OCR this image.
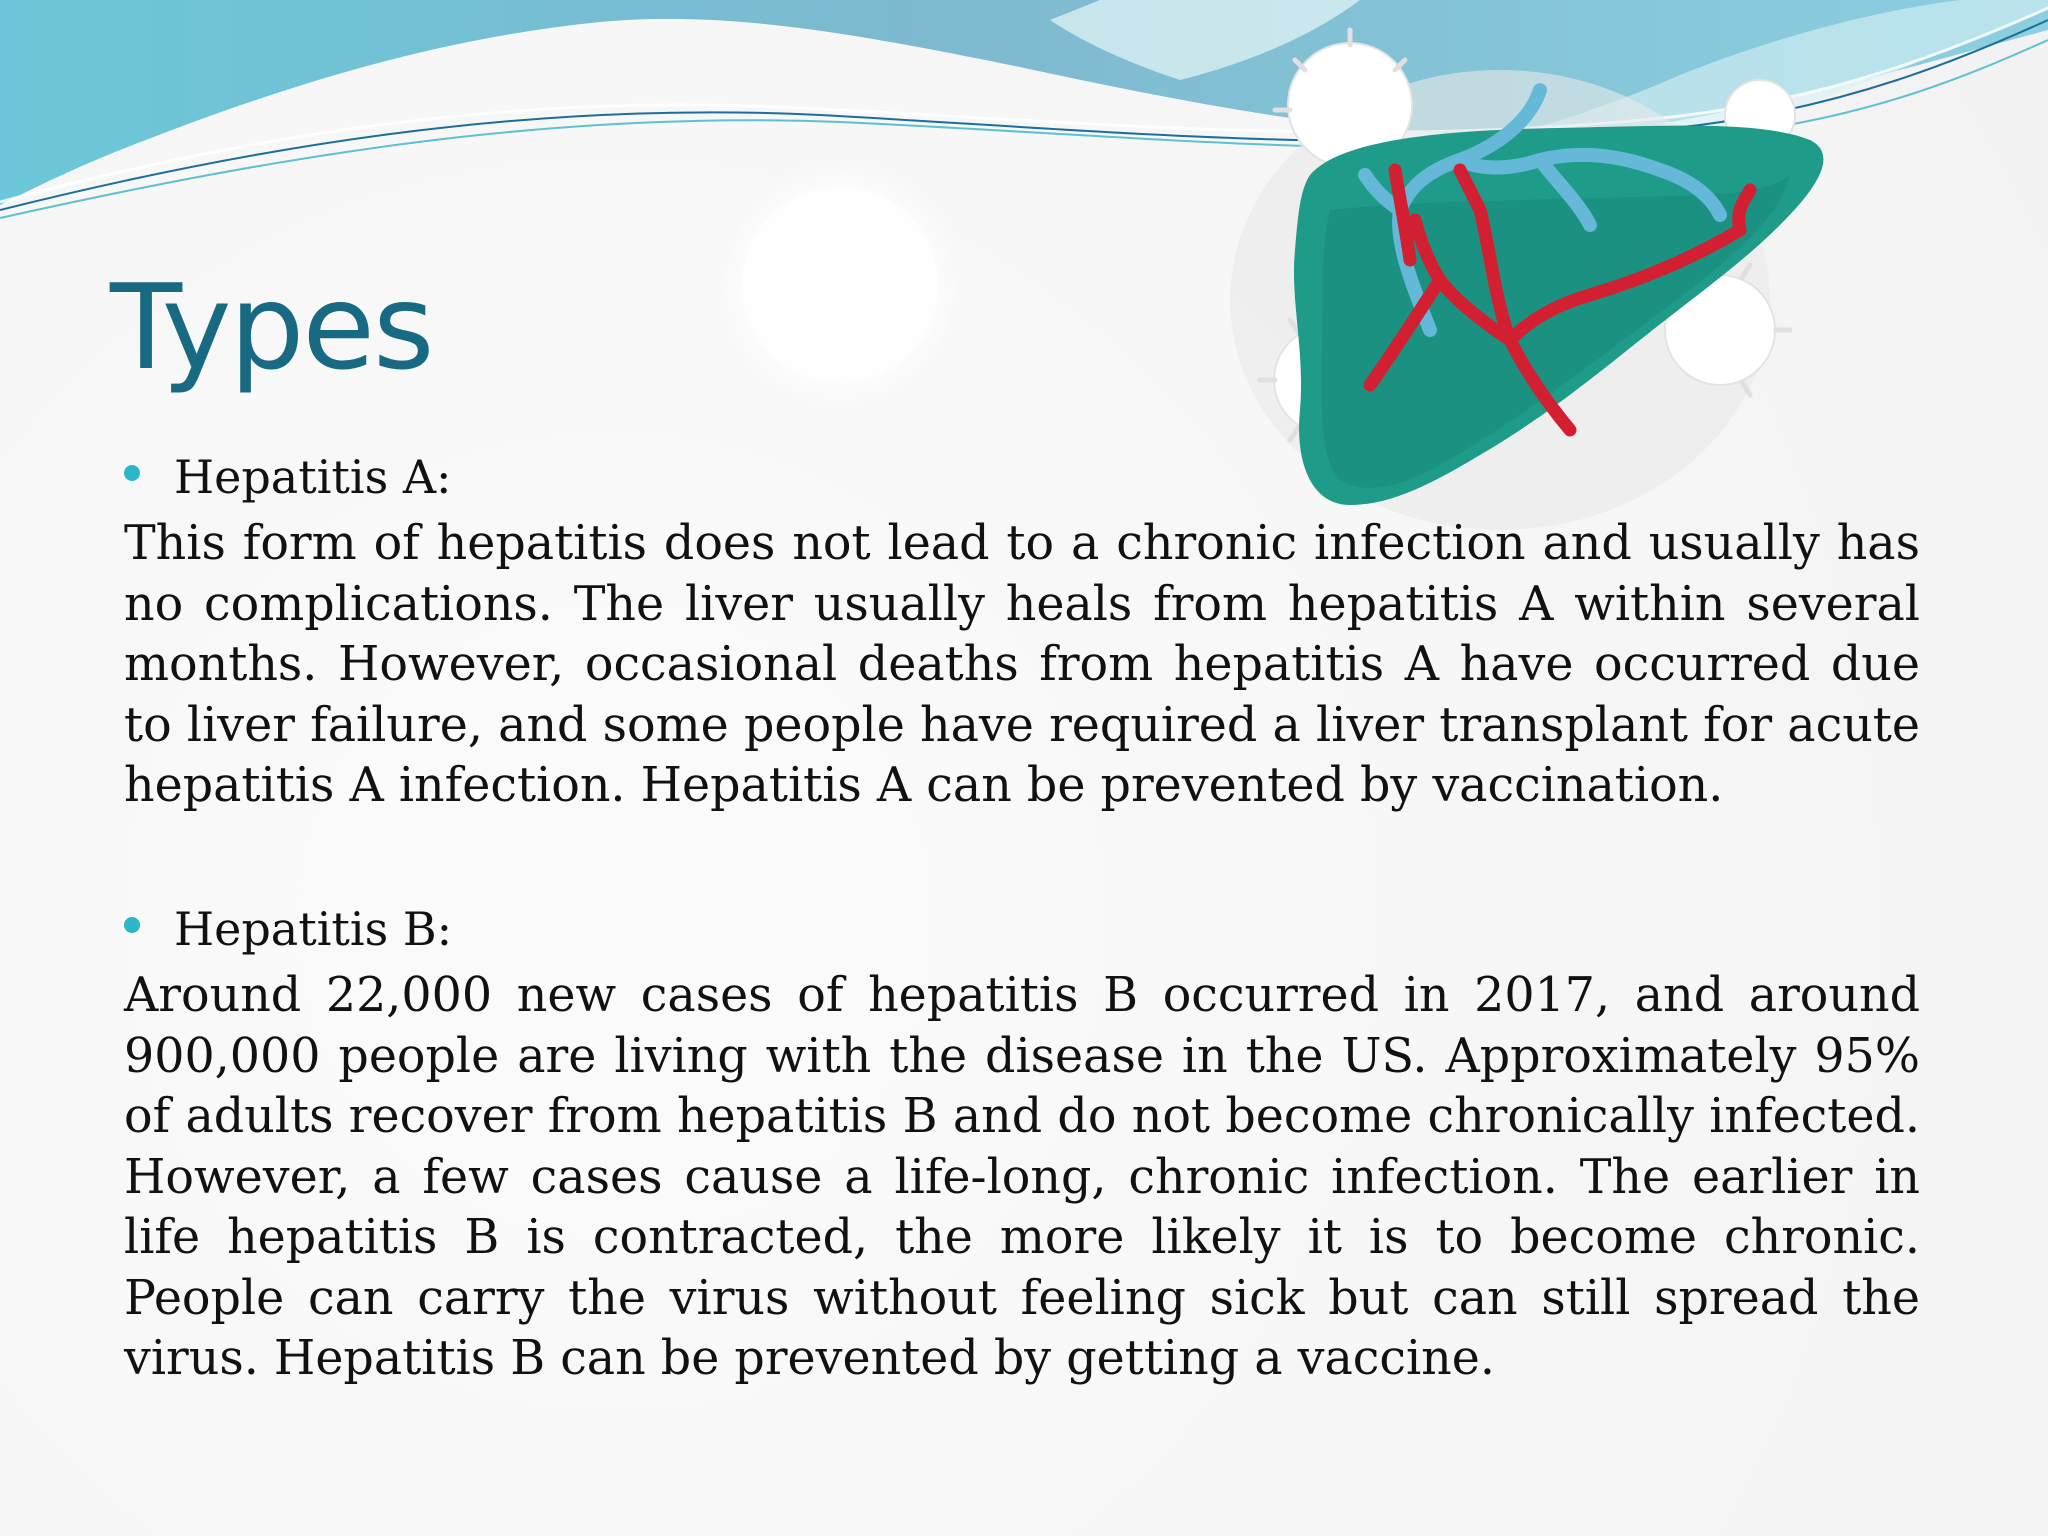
Types
Hepatitis A:

This form of hepatitis does not lead to a chronic infection and usually has no complications. The liver usually heals from hepatitis A within several months. However, occasional deaths from hepatitis A have occurred due to liver failure, and some people have required a liver transplant for acute hepatitis A infection. Hepatitis A can be prevented by vaccination.

Hepatitis B:

Around 22,000 new cases of hepatitis B occurred in 2017, and around 900,000 people are living with the disease in the US. Approximately 95% of adults recover from hepatitis B and do not become chronically infected. However, a few cases cause a life-long, chronic infection. The earlier in life hepatitis B is contracted, the more likely it is to become chronic. People can carry the virus without feeling sick but can still spread the virus. Hepatitis B can be prevented by getting a vaccine.
